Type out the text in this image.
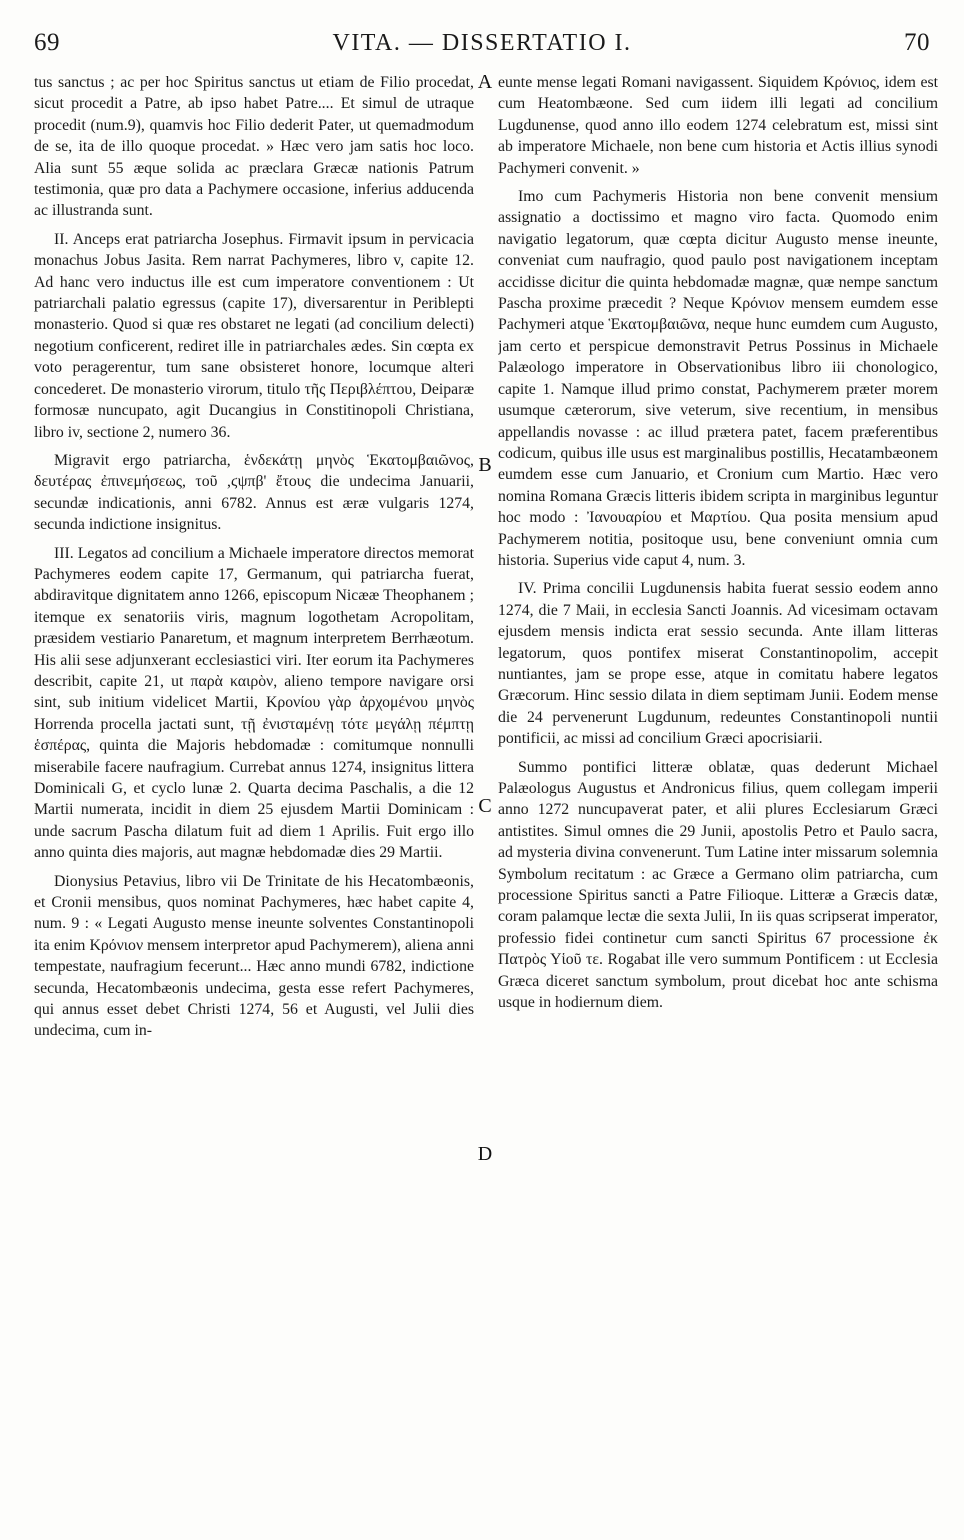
69	VITA. — DISSERTATIO I.	70

tus sanctus ; ac per hoc Spiritus sanctus ut etiam de Filio procedat, sicut procedit a Patre, ab ipso habet Patre.... Et simul de utraque procedit (num.9), quamvis hoc Filio dederit Pater, ut quemadmodum de se, ita de illo quoque procedat. » Hæc vero jam satis hoc loco. Alia sunt 55 æque solida ac præclara Græcæ nationis Patrum testimonia, quæ pro data a Pachymere occasione, inferius adducenda ac illustranda sunt.

II. Anceps erat patriarcha Josephus. Firmavit ipsum in pervicacia monachus Jobus Jasita. Rem narrat Pachymeres, libro v, capite 12. Ad hanc vero inductus ille est cum imperatore conventionem : Ut patriarchali palatio egressus (capite 17), diversarentur in Periblepti monasterio. Quod si quæ res obstaret ne legati (ad concilium delecti) negotium conficerent, rediret ille in patriarchales ædes. Sin cœpta ex voto peragerentur, tum sane obsisteret honore, locumque alteri concederet. De monasterio virorum, titulo τῆς Περιβλέπτου, Deiparæ formosæ nuncupato, agit Ducangius in Constitinopoli Christiana, libro iv, sectione 2, numero 36.

Migravit ergo patriarcha, ἑνδεκάτῃ μηνὸς Ἑκατομβαιῶνος, δευτέρας ἐπινεμήσεως, τοῦ ,ϛψπβ' ἔτους die undecima Januarii, secundæ indicationis, anni 6782. Annus est æræ vulgaris 1274, secunda indictione insignitus.

III. Legatos ad concilium a Michaele imperatore directos memorat Pachymeres eodem capite 17, Germanum, qui patriarcha fuerat, abdiravitque dignitatem anno 1266, episcopum Nicææ Theophanem ; itemque ex senatoriis viris, magnum logothetam Acropolitam, præsidem vestiario Panaretum, et magnum interpretem Berrhæotum. His alii sese adjunxerant ecclesiastici viri. Iter eorum ita Pachymeres describit, capite 21, ut παρὰ καιρὸν, alieno tempore navigare orsi sint, sub initium videlicet Martii, Κρονίου γὰρ ἀρχομένου μηνὸς Horrenda procella jactati sunt, τῇ ἐνισταμένῃ τότε μεγάλῃ πέμπτῃ ἑσπέρας, quinta die Majoris hebdomadæ : comitumque nonnulli miserabile facere naufragium. Currebat annus 1274, insignitus littera Dominicali G, et cyclo lunæ 2. Quarta decima Paschalis, a die 12 Martii numerata, incidit in diem 25 ejusdem Martii Dominicam : unde sacrum Pascha dilatum fuit ad diem 1 Aprilis. Fuit ergo illo anno quinta dies majoris, aut magnæ hebdomadæ dies 29 Martii.

Dionysius Petavius, libro vii De Trinitate de his Hecatombæonis, et Cronii mensibus, quos nominat Pachymeres, hæc habet capite 4, num. 9 : « Legati Augusto mense ineunte solventes Constantinopoli ita enim Κρόνιον mensem interpretor apud Pachymerem), aliena anni tempestate, naufragium fecerunt... Hæc anno mundi 6782, indictione secunda, Hecatombæonis undecima, gesta esse refert Pachymeres, qui annus esset debet Christi 1274, 56 et Augusti, vel Julii dies undecima, cum in-

A
B
C
D

eunte mense legati Romani navigassent. Siquidem Κρόνιος, idem est cum Heatombæone. Sed cum iidem illi legati ad concilium Lugdunense, quod anno illo eodem 1274 celebratum est, missi sint ab imperatore Michaele, non bene cum historia et Actis illius synodi Pachymeri convenit. »

Imo cum Pachymeris Historia non bene convenit mensium assignatio a doctissimo et magno viro facta. Quomodo enim navigatio legatorum, quæ cœpta dicitur Augusto mense ineunte, conveniat cum naufragio, quod paulo post navigationem inceptam accidisse dicitur die quinta hebdomadæ magnæ, quæ nempe sanctum Pascha proxime præcedit ? Neque Κρόνιον mensem eumdem esse Pachymeri atque Ἑκατομβαιῶνα, neque hunc eumdem cum Augusto, jam certo et perspicue demonstravit Petrus Possinus in Michaele Palæologo imperatore in Observationibus libro iii chonologico, capite 1. Namque illud primo constat, Pachymerem præter morem usumque cæterorum, sive veterum, sive recentium, in mensibus appellandis novasse : ac illud prætera patet, facem præferentibus codicum, quibus ille usus est marginalibus postillis, Hecatambæonem eumdem esse cum Januario, et Cronium cum Martio. Hæc vero nomina Romana Græcis litteris ibidem scripta in marginibus leguntur hoc modo : Ἰανουαρίου et Μαρτίου. Qua posita mensium apud Pachymerem notitia, positoque usu, bene conveniunt omnia cum historia. Superius vide caput 4, num. 3.

IV. Prima concilii Lugdunensis habita fuerat sessio eodem anno 1274, die 7 Maii, in ecclesia Sancti Joannis. Ad vicesimam octavam ejusdem mensis indicta erat sessio secunda. Ante illam litteras legatorum, quos pontifex miserat Constantinopolim, accepit nuntiantes, jam se prope esse, atque in comitatu habere legatos Græcorum. Hinc sessio dilata in diem septimam Junii. Eodem mense die 24 pervenerunt Lugdunum, redeuntes Constantinopoli nuntii pontificii, ac missi ad concilium Græci apocrisiarii.

Summo pontifici litteræ oblatæ, quas dederunt Michael Palæologus Augustus et Andronicus filius, quem collegam imperii anno 1272 nuncupaverat pater, et alii plures Ecclesiarum Græci antistites. Simul omnes die 29 Junii, apostolis Petro et Paulo sacra, ad mysteria divina convenerunt. Tum Latine inter missarum solemnia Symbolum recitatum : ac Græce a Germano olim patriarcha, cum processione Spiritus sancti a Patre Filioque. Litteræ a Græcis datæ, coram palamque lectæ die sexta Julii, In iis quas scripserat imperator, professio fidei continetur cum sancti Spiritus 67 processione ἐκ Πατρὸς Υἱοῦ τε. Rogabat ille vero summum Pontificem : ut Ecclesia Græca diceret sanctum symbolum, prout dicebat hoc ante schisma usque in hodiernum diem.
